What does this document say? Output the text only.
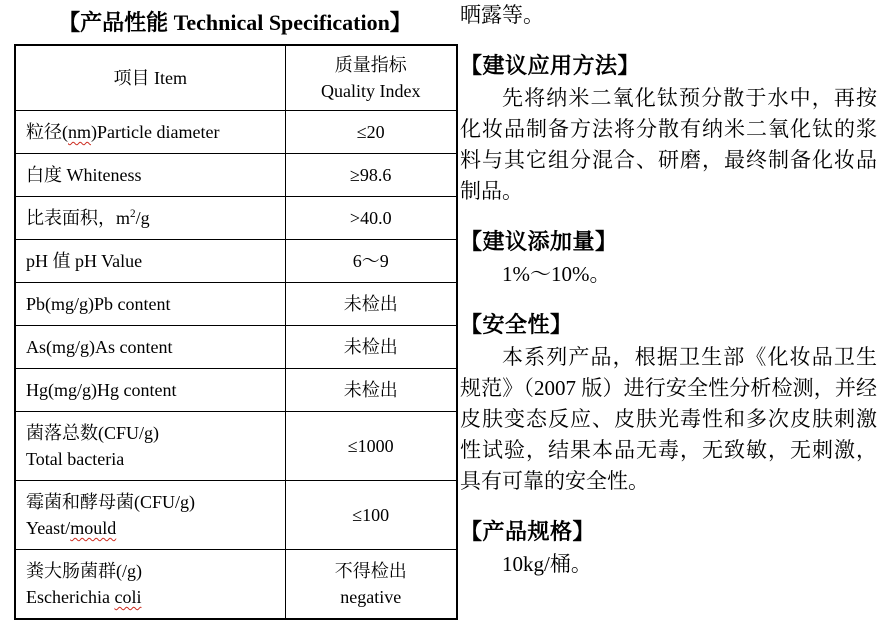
【产品性能 Technical Specification】
项目 Item	质量指标
Quality Index

粒径(nm)Particle diameter	≤20
白度 Whiteness	≥98.6
比表面积，$m^2/g$	>40.0
pH 值 pH Value	6～9
Pb(mg/g)Pb content	未检出
As(mg/g)As content	未检出
Hg(mg/g)Hg content	未检出
菌落总数(CFU/g)
Total bacteria	≤1000
霉菌和酵母菌(CFU/g)
Yeast/mould	≤100
粪大肠菌群(/g)
Escherichia coli	不得检出
negative

晒露等。

【建议应用方法】

先将纳米二氧化钛预分散于水中，再按化妆品制备方法将分散有纳米二氧化钛的浆料与其它组分混合、研磨，最终制备化妆品制品。

【建议添加量】

1%～10%。

【安全性】

本系列产品，根据卫生部《化妆品卫生规范》（2007 版）进行安全性分析检测，并经皮肤变态反应、皮肤光毒性和多次皮肤刺激性试验，结果本品无毒，无致敏，无刺激，具有可靠的安全性。

【产品规格】

10kg/桶。
